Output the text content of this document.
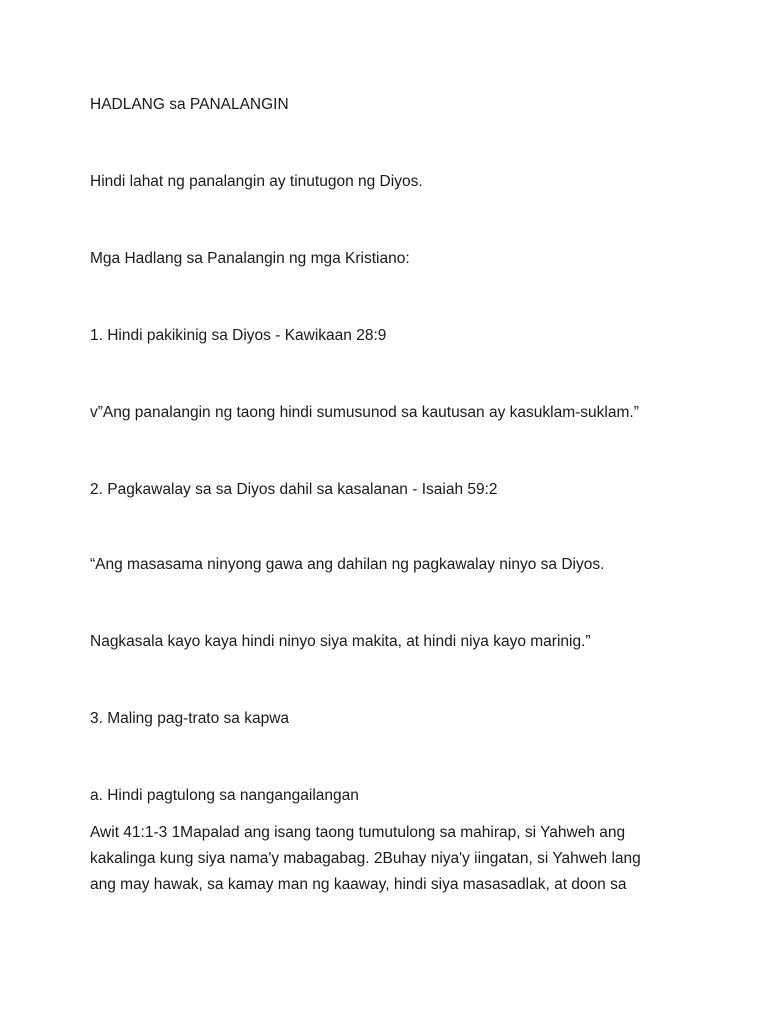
HADLANG sa PANALANGIN
Hindi lahat ng panalangin ay tinutugon ng Diyos.
Mga Hadlang sa Panalangin ng mga Kristiano:
1. Hindi pakikinig sa Diyos - Kawikaan 28:9
v”Ang panalangin ng taong hindi sumusunod sa kautusan ay kasuklam-suklam.”
2. Pagkawalay sa sa Diyos dahil sa kasalanan - Isaiah 59:2
“Ang masasama ninyong gawa ang dahilan ng pagkawalay ninyo sa Diyos.
Nagkasala kayo kaya hindi ninyo siya makita, at hindi niya kayo marinig.”
3. Maling pag-trato sa kapwa
a. Hindi pagtulong sa nangangailangan
Awit 41:1-3 1Mapalad ang isang taong tumutulong sa mahirap, si Yahweh ang
kakalinga kung siya nama'y mabagabag. 2Buhay niya'y iingatan, si Yahweh lang
ang may hawak, sa kamay man ng kaaway, hindi siya masasadlak, at doon sa
